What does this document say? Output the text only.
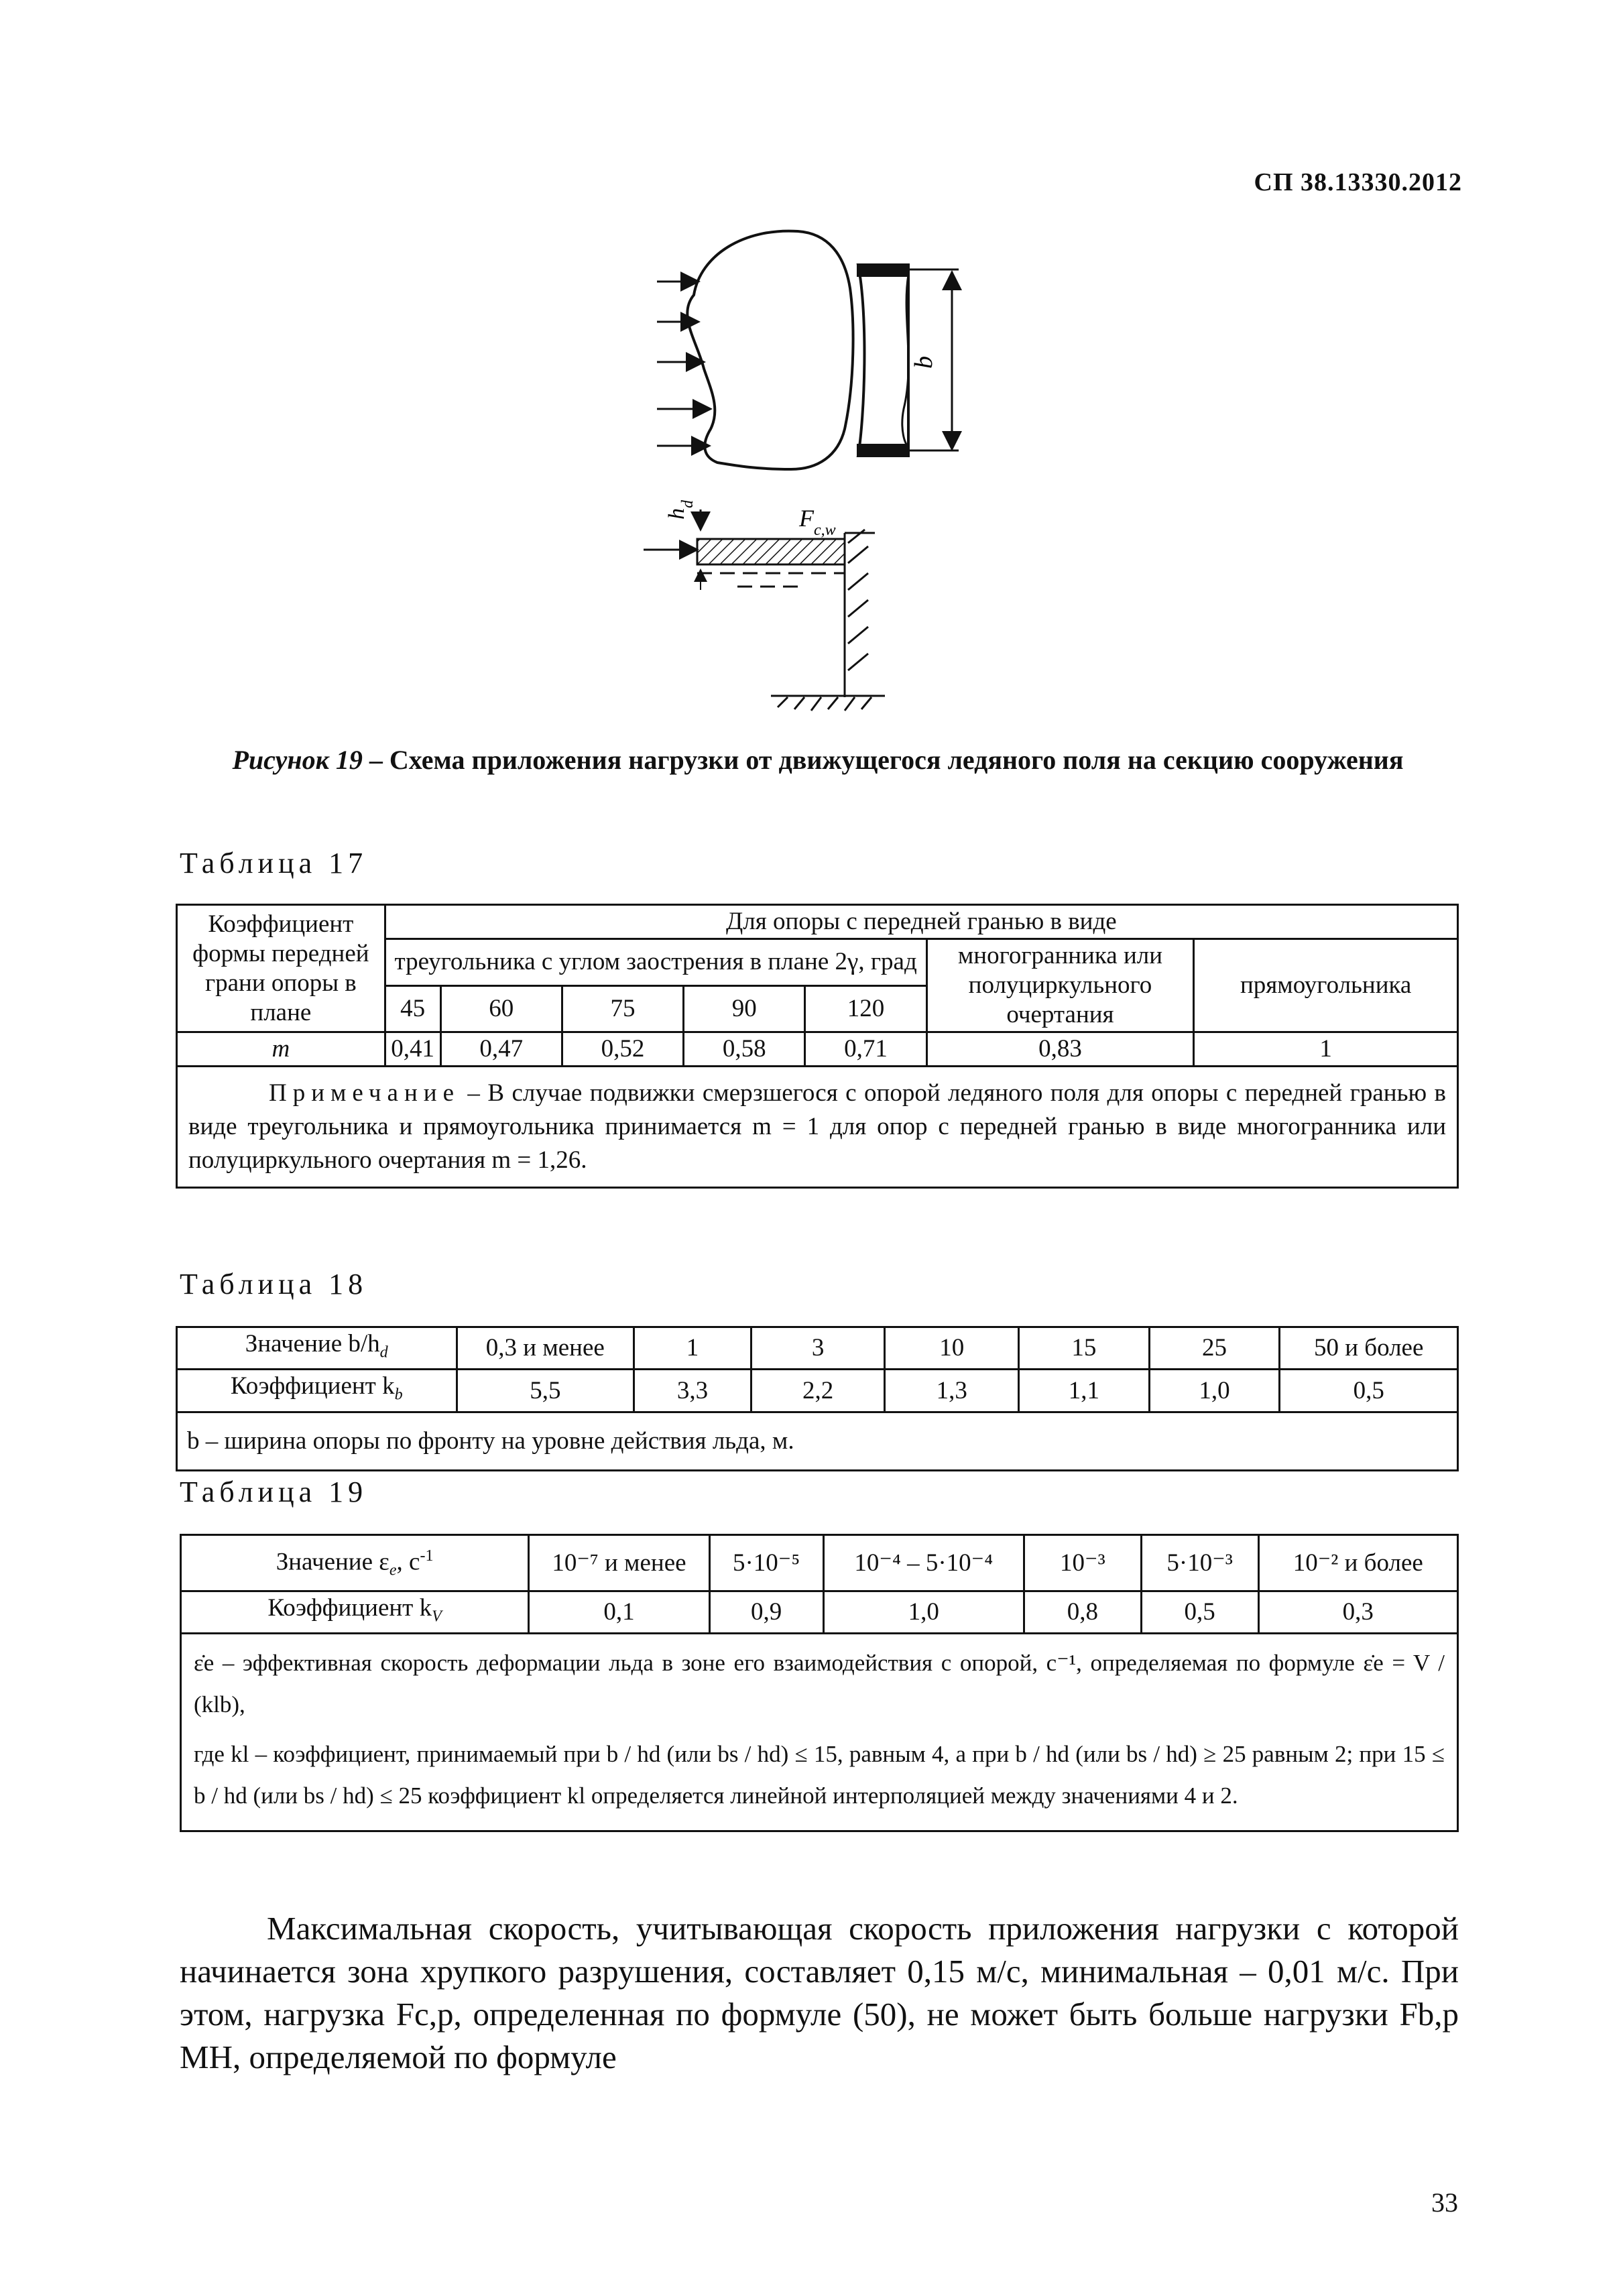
СП 38.13330.2012
b
$h_d$
$F_{c,w}$
Рисунок 19 – Схема приложения нагрузки от движущегося ледяного поля на секцию сооружения
Таблица 17
Коэффициент формы передней грани опоры в плане	Для опоры с передней гранью в виде						
	треугольника с углом заострения в плане 2γ, град					многогранника или полуциркульного очертания	прямоугольника
	45	60	75	90	120		
m	0,41	0,47	0,52	0,58	0,71	0,83	1
Примечание – В случае подвижки смерзшегося с опорой ледяного поля для опоры с передней гранью в виде треугольника и прямоугольника принимается m = 1 для опор с передней гранью в виде многогранника или полуциркульного очертания m = 1,26.							
Таблица 18
Значение $b/h_d$	0,3 и менее	1	3	10	15	25	50 и более
Коэффициент $k_b$	5,5	3,3	2,2	1,3	1,1	1,0	0,5
b – ширина опоры по фронту на уровне действия льда, м.							
Таблица 19
Значение $\varepsilon_e$, $с^{-1}$	10⁻⁷ и менее	5·10⁻⁵	10⁻⁴ – 5·10⁻⁴	10⁻³	5·10⁻³	10⁻² и более
Коэффициент $k_V$	0,1	0,9	1,0	0,8	0,5	0,3

ε̇e – эффективная скорость деформации льда в зоне его взаимодействия с опорой, с⁻¹, определяемая по формуле ε̇e = V / (klb),
где kl – коэффициент, принимаемый при b / hd (или bs / hd) ≤ 15, равным 4, а при b / hd (или bs / hd) ≥ 25 равным 2; при 15 ≤ b / hd (или bs / hd) ≤ 25 коэффициент kl определяется линейной интерполяцией между значениями 4 и 2.						

Максимальная скорость, учитывающая скорость приложения нагрузки с которой начинается зона хрупкого разрушения, составляет 0,15 м/с, минимальная – 0,01 м/с. При этом, нагрузка Fc,p, определенная по формуле (50), не может быть больше нагрузки Fb,p МН, определяемой по формуле

33
